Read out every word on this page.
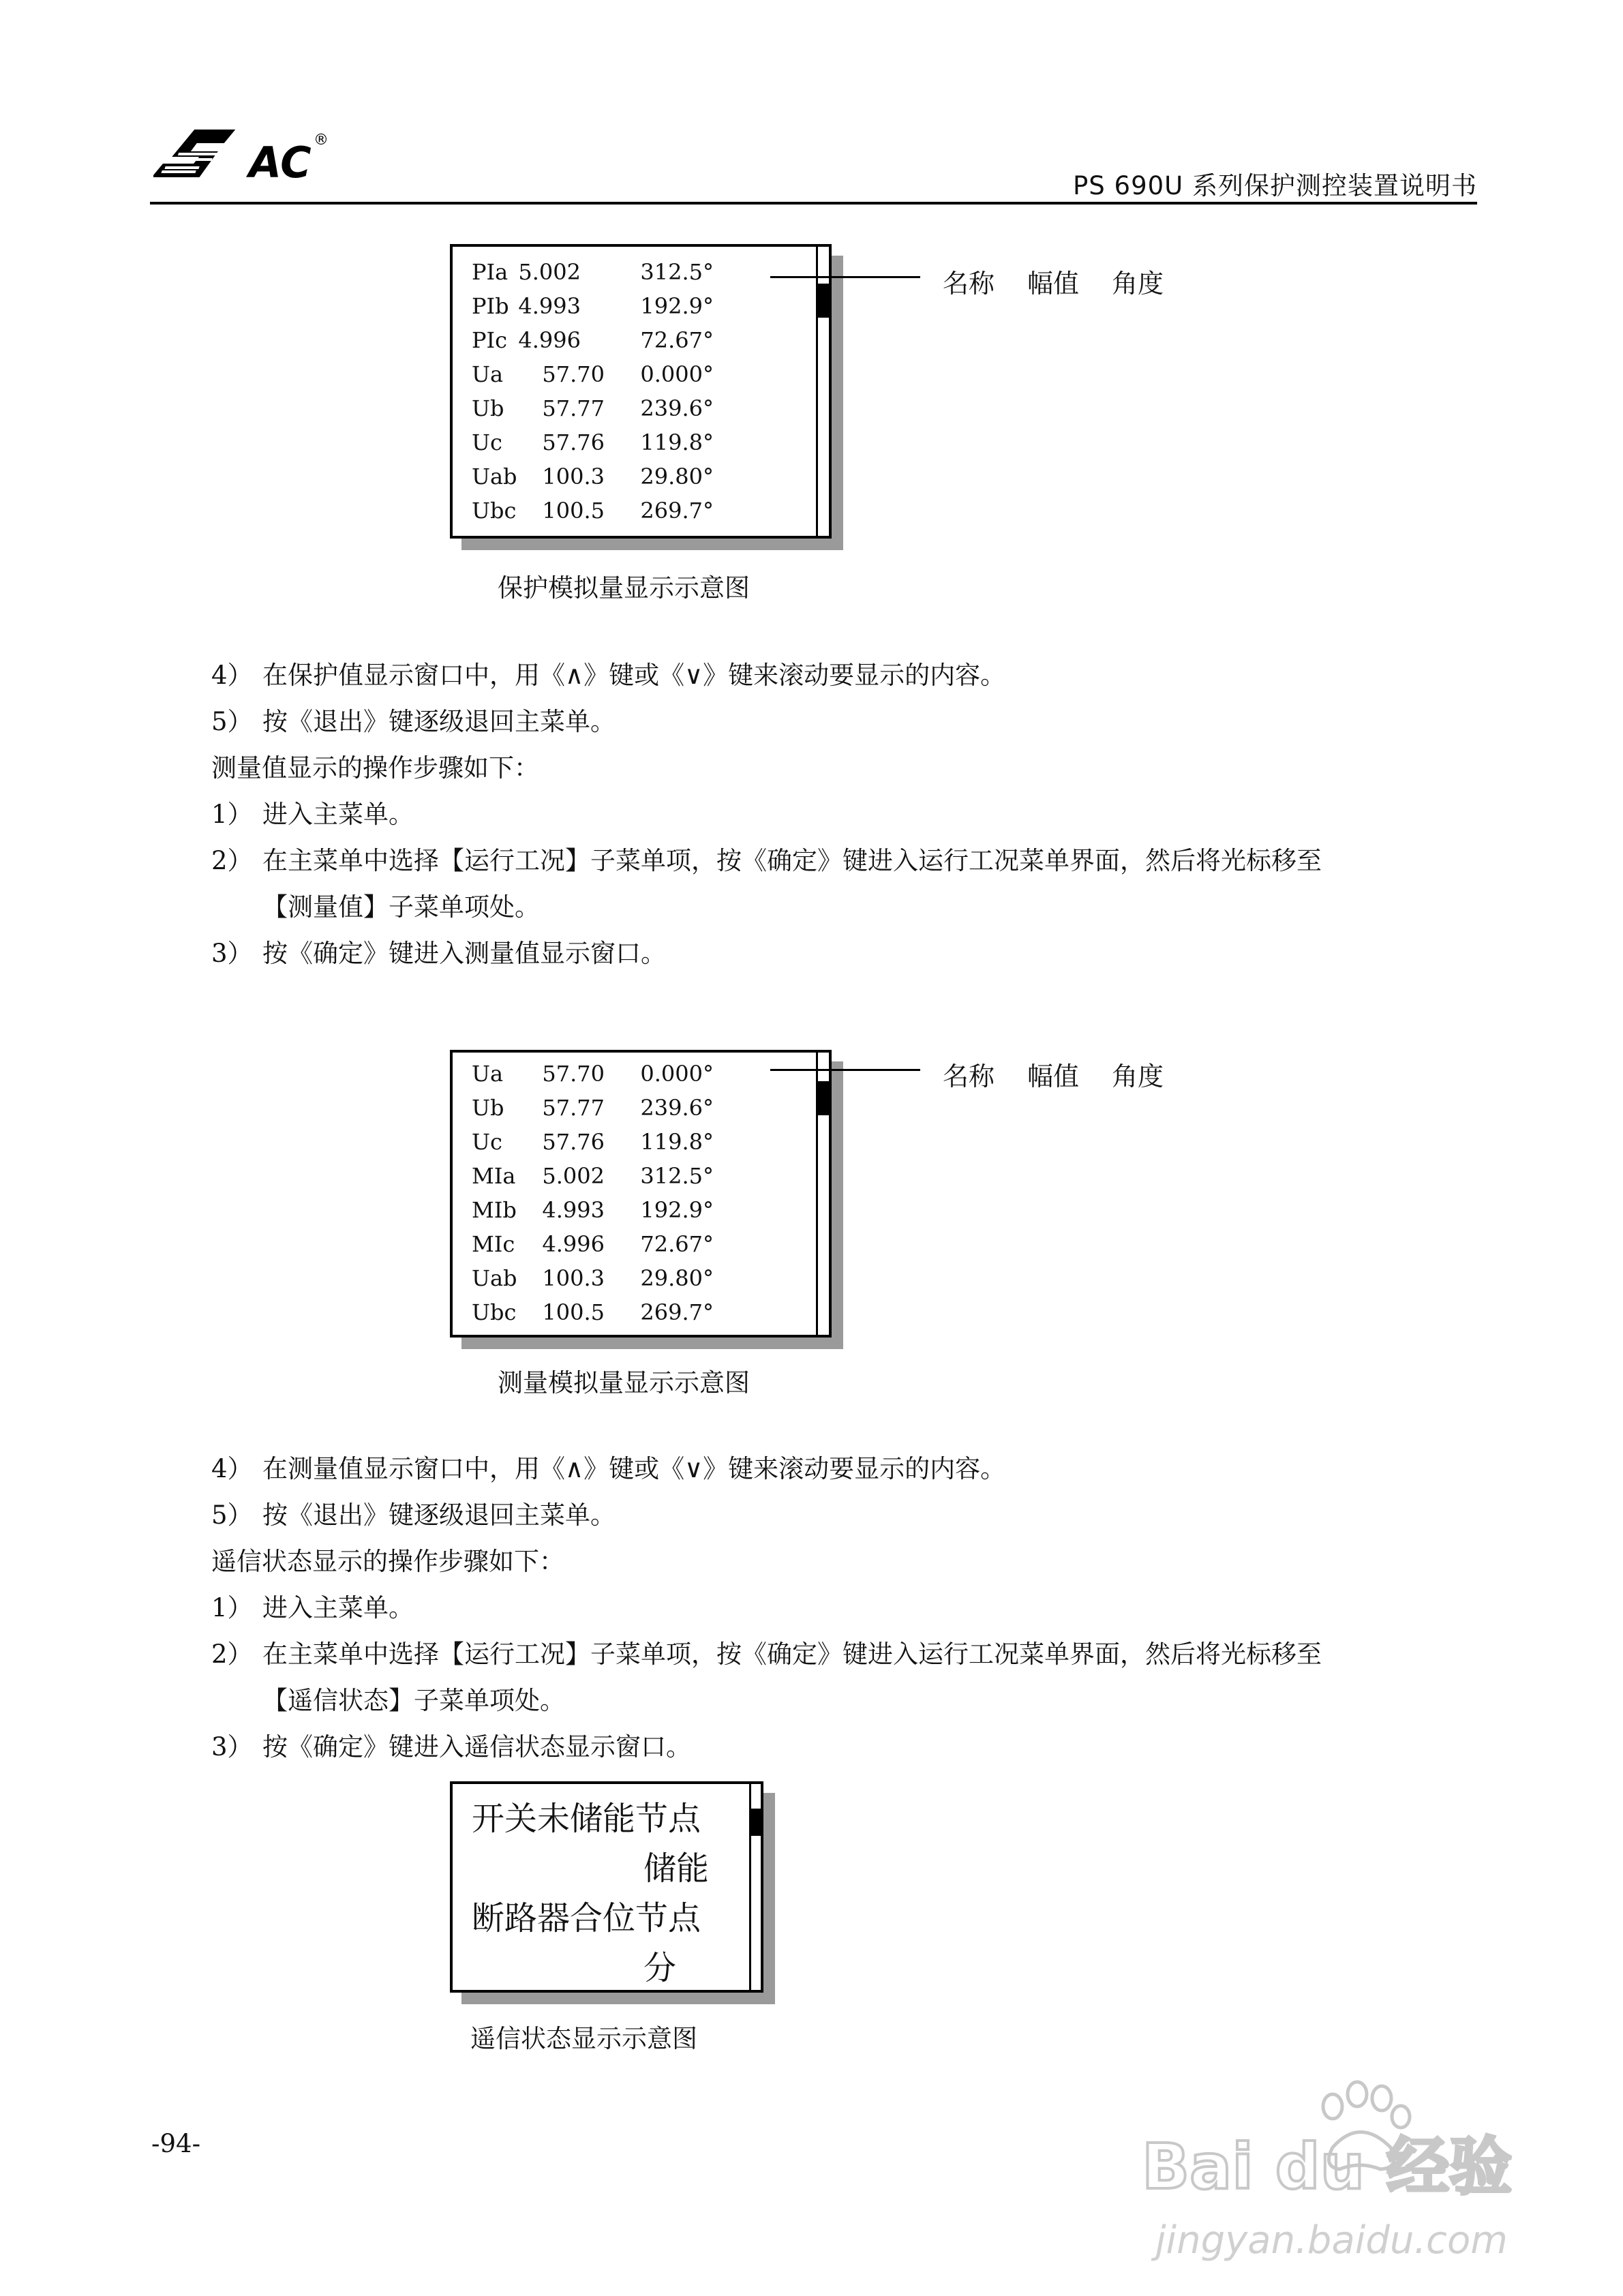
AC ®
PS 690U 系列保护测控装置说明书
PIa 5.002	312.5°
PIb 4.993	192.9°
PIc 4.996	72.67°
Ua 57.70 0.000°
Ub 57.77 239.6°
Uc 57.76 119.8°
Uab 100.3 29.80°
Ubc 100.5 269.7°
名称 幅值 角度
保护模拟量显示示意图
4） 在保护值显示窗口中，用《∧》键或《∨》键来滚动要显示的内容。
5） 按《退出》键逐级退回主菜单。
测量值显示的操作步骤如下：
1） 进入主菜单。
2） 在主菜单中选择【运行工况】子菜单项，按《确定》键进入运行工况菜单界面，然后将光标移至
【测量值】子菜单项处。
3） 按《确定》键进入测量值显示窗口。
Ua 57.70 0.000°
Ub 57.77 239.6°
Uc 57.76 119.8°
MIa 5.002 312.5°
MIb 4.993 192.9°
MIc 4.996 72.67°
Uab 100.3 29.80°
Ubc 100.5 269.7°
名称 幅值 角度
测量模拟量显示示意图
4） 在测量值显示窗口中，用《∧》键或《∨》键来滚动要显示的内容。
5） 按《退出》键逐级退回主菜单。
遥信状态显示的操作步骤如下：
1） 进入主菜单。
2） 在主菜单中选择【运行工况】子菜单项，按《确定》键进入运行工况菜单界面，然后将光标移至
【遥信状态】子菜单项处。
3） 按《确定》键进入遥信状态显示窗口。
开关未储能节点
储能
断路器合位节点
分
遥信状态显示示意图
-94-	Bai du 经验
jingyan.baidu.com
